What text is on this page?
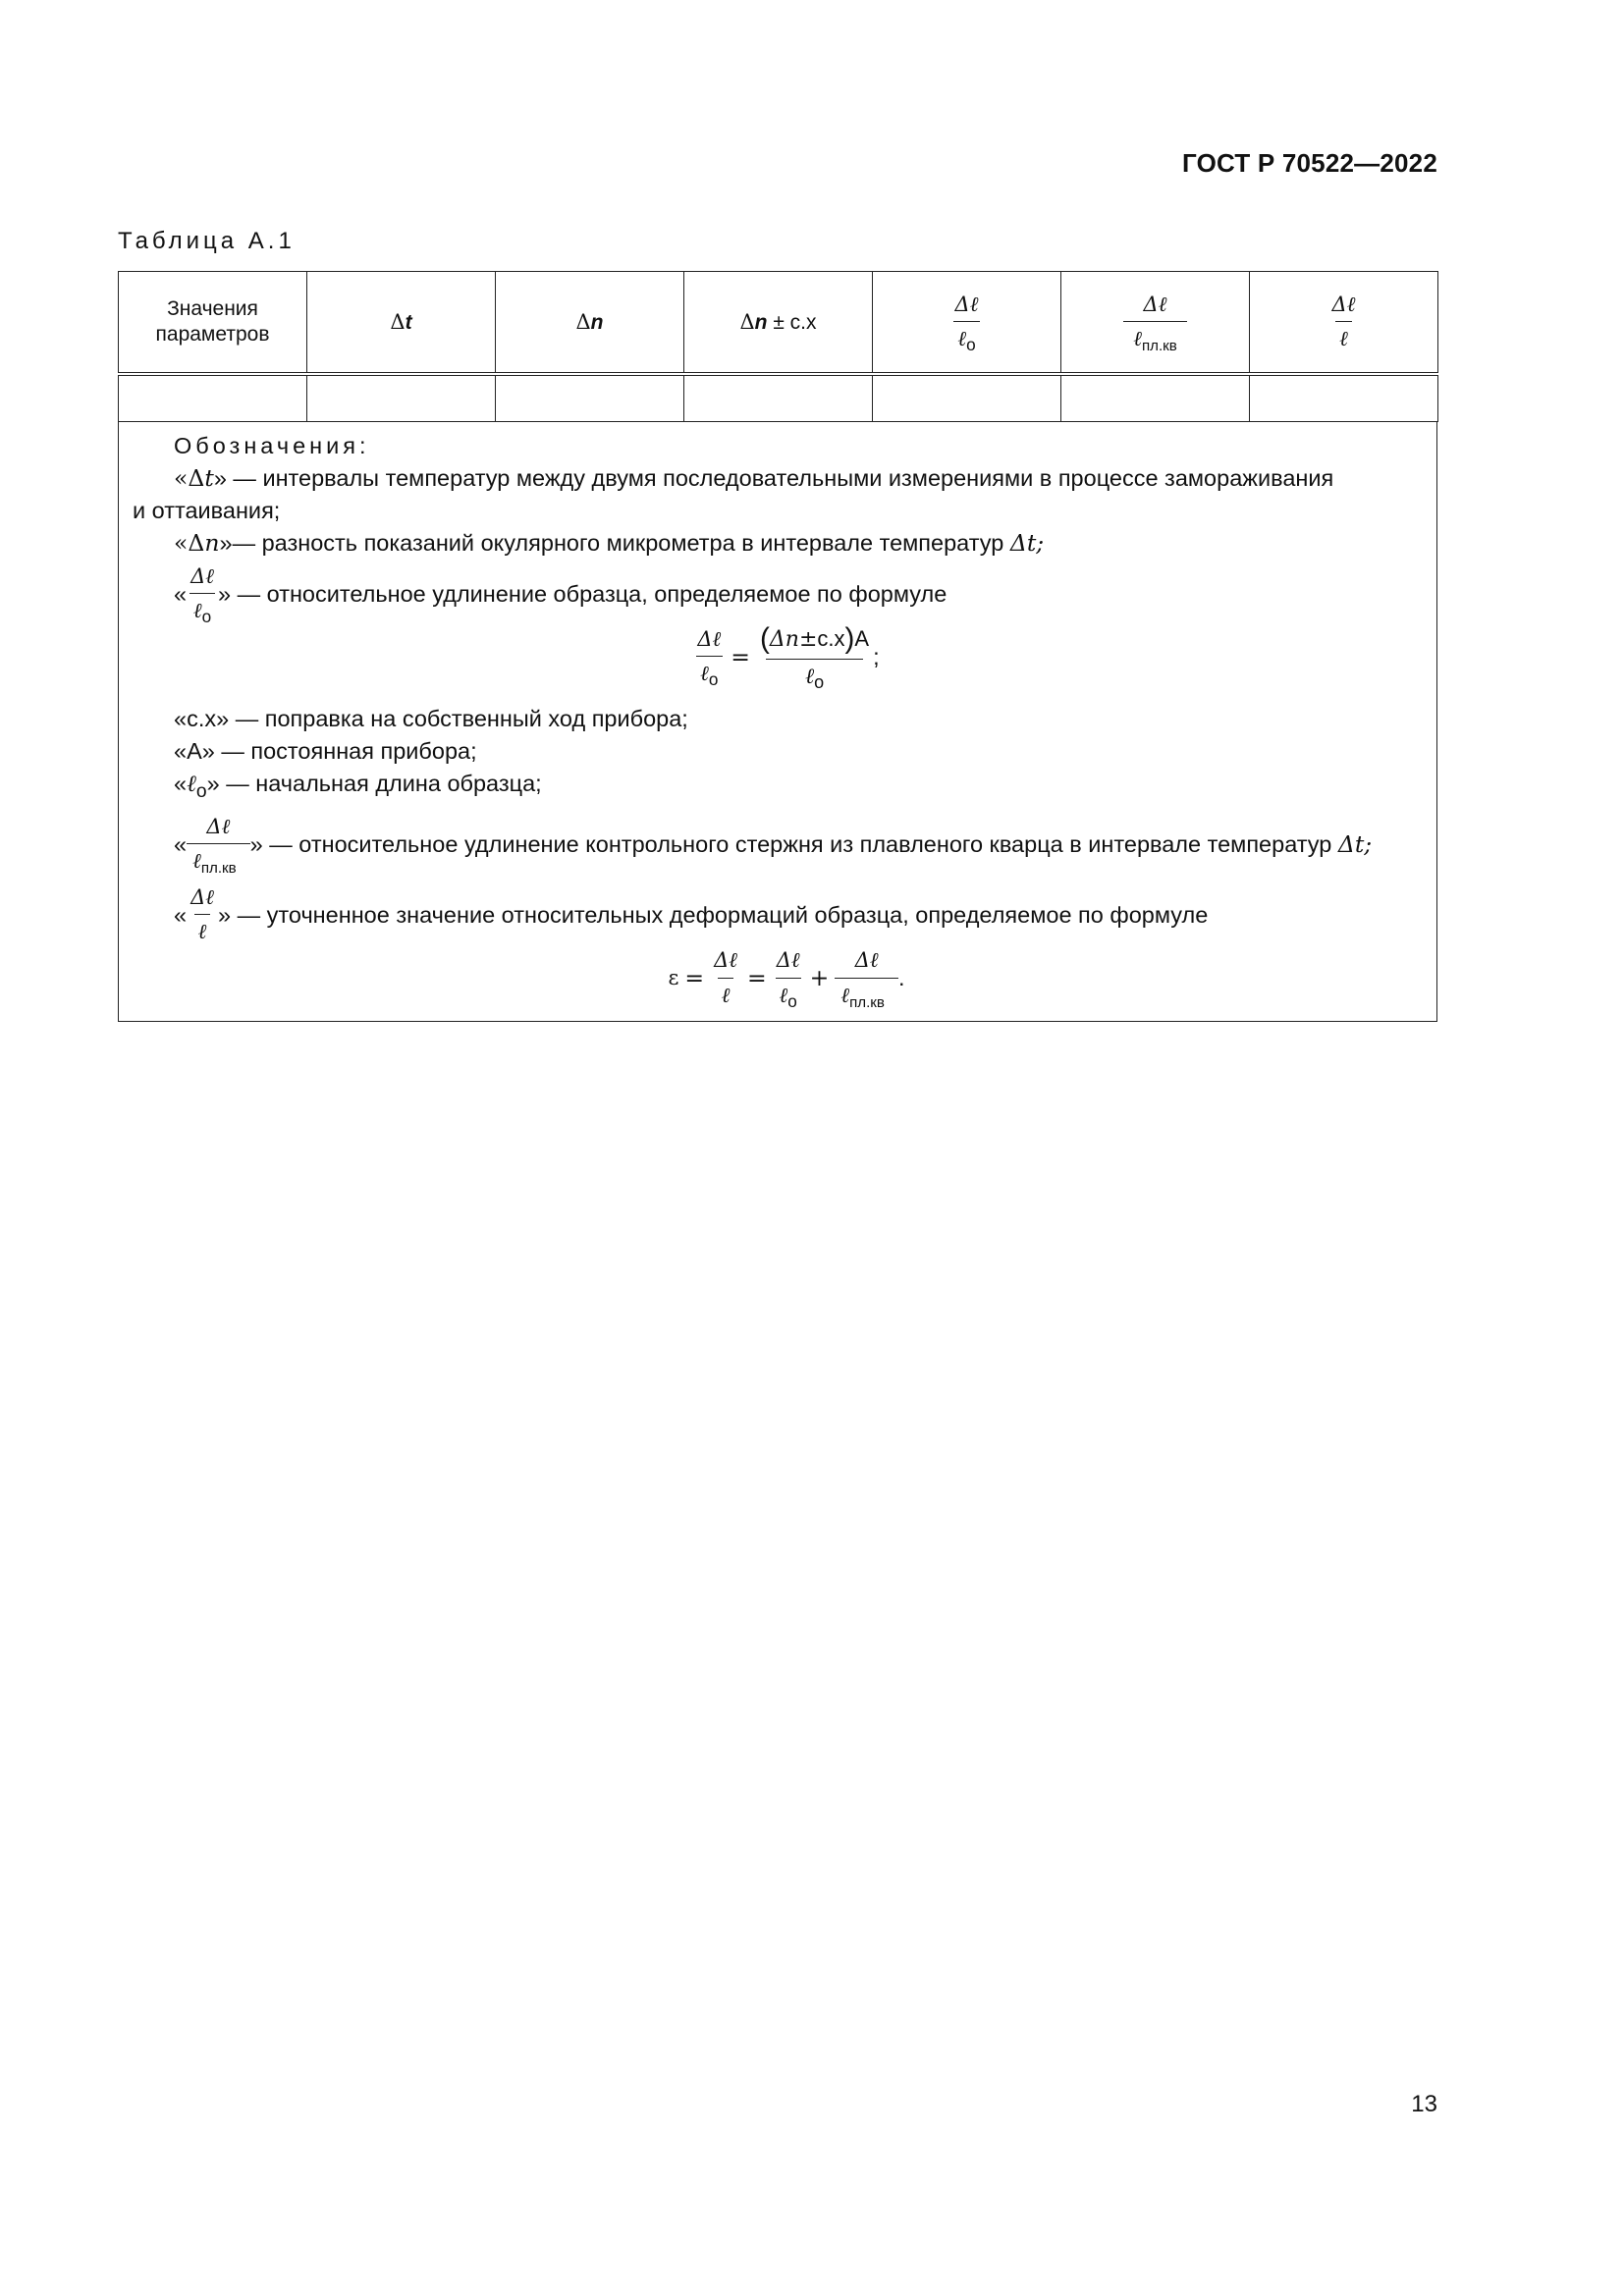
ГОСТ Р 70522—2022
Таблица А.1
Значения
параметров	Δt	Δn	Δn ± с.х	$\frac{\text{Δℓ}}{\ell_о}$	$\frac{\text{Δℓ}}{\ell_{пл.кв}}$	$\frac{\text{Δℓ}}{\text{ℓ}}$

Обозначения:

«Δt» — интервалы температур между двумя последовательными измерениями в процессе замораживания

и оттаивания;

«Δn»— разность показаний окулярного микрометра в интервале температур Δt;

« $\frac{\text{Δℓ}}{\ell_о}$ » — относительное удлинение образца, определяемое по формуле
$\frac{\text{Δℓ}}{\ell_о} = \frac{(\Delta n\pm с.х)А}{\ell_о}$ ;

«с.х» — поправка на собственный ход прибора;

«А» — постоянная прибора;

«ℓ$_о$» — начальная длина образца;

« $\frac{\text{Δℓ}}{\ell_{пл.кв}}$ » — относительное удлинение контрольного стержня из плавленого кварца в интервале температур Δt;
« $\frac{\text{Δℓ}}{\text{ℓ}}$ » — уточненное значение относительных деформаций образца, определяемое по формуле
$\varepsilon = \frac{\text{Δℓ}}{\text{ℓ}} = \frac{\text{Δℓ}}{\ell_о} + \frac{\text{Δℓ}}{\ell_{пл.кв}}$ .
13
